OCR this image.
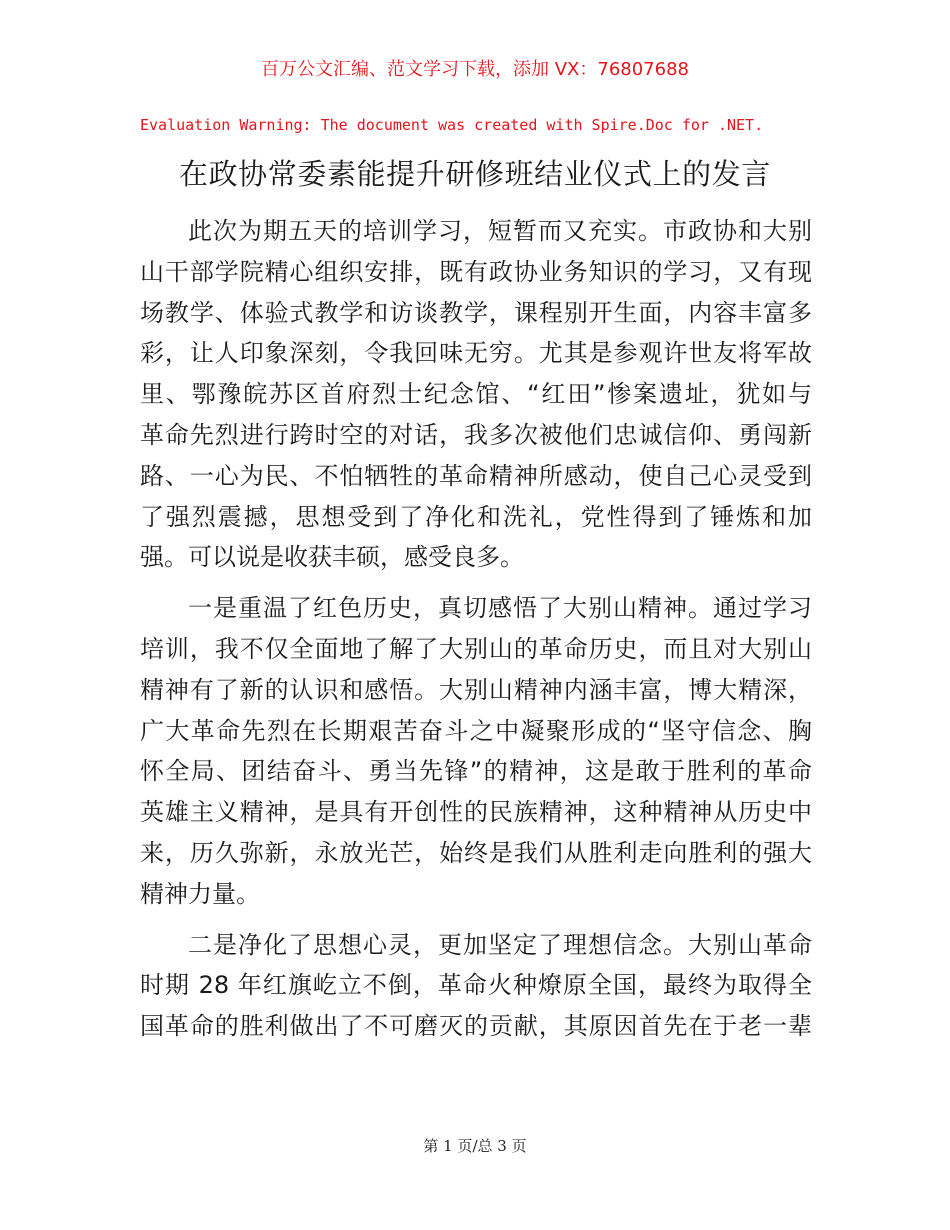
百万公文汇编、范文学习下载，添加 VX：76807688
Evaluation Warning: The document was created with Spire.Doc for .NET.
在政协常委素能提升研修班结业仪式上的发言

此次为期五天的培训学习，短暂而又充实。市政协和大别
山干部学院精心组织安排，既有政协业务知识的学习，又有现
场教学、体验式教学和访谈教学，课程别开生面，内容丰富多
彩，让人印象深刻，令我回味无穷。尤其是参观许世友将军故
里、鄂豫皖苏区首府烈士纪念馆、“红田”惨案遗址，犹如与
革命先烈进行跨时空的对话，我多次被他们忠诚信仰、勇闯新
路、一心为民、不怕牺牲的革命精神所感动，使自己心灵受到
了强烈震撼，思想受到了净化和洗礼，党性得到了锤炼和加
强。可以说是收获丰硕，感受良多。

一是重温了红色历史，真切感悟了大别山精神。通过学习
培训，我不仅全面地了解了大别山的革命历史，而且对大别山
精神有了新的认识和感悟。大别山精神内涵丰富，博大精深，
广大革命先烈在长期艰苦奋斗之中凝聚形成的“坚守信念、胸
怀全局、团结奋斗、勇当先锋”的精神，这是敢于胜利的革命
英雄主义精神，是具有开创性的民族精神，这种精神从历史中
来，历久弥新，永放光芒，始终是我们从胜利走向胜利的强大
精神力量。

二是净化了思想心灵，更加坚定了理想信念。大别山革命
时期 28 年红旗屹立不倒，革命火种燎原全国，最终为取得全
国革命的胜利做出了不可磨灭的贡献，其原因首先在于老一辈

第 1 页/总 3 页
